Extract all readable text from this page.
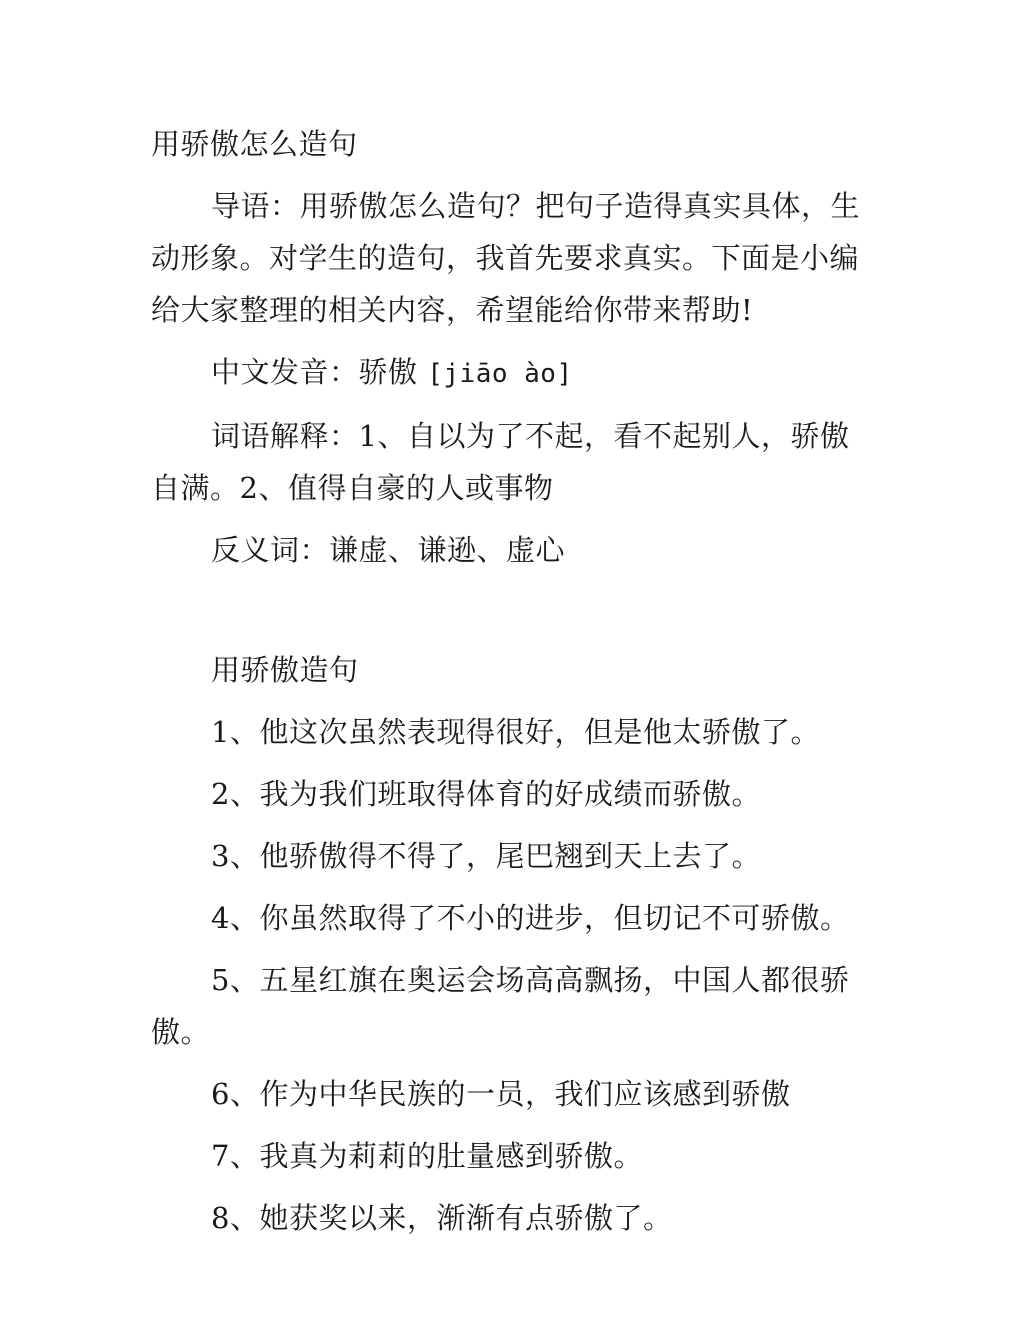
用骄傲怎么造句
导语：用骄傲怎么造句？把句子造得真实具体，生
动形象。对学生的造句，我首先要求真实。下面是小编
给大家整理的相关内容，希望能给你带来帮助!
中文发音：骄傲 [jiāo ào]
词语解释：1、自以为了不起，看不起别人，骄傲
自满。2、值得自豪的人或事物
反义词：谦虚、谦逊、虚心
用骄傲造句
1、他这次虽然表现得很好，但是他太骄傲了。
2、我为我们班取得体育的好成绩而骄傲。
3、他骄傲得不得了，尾巴翘到天上去了。
4、你虽然取得了不小的进步，但切记不可骄傲。
5、五星红旗在奥运会场高高飘扬，中国人都很骄
傲。
6、作为中华民族的一员，我们应该感到骄傲
7、我真为莉莉的肚量感到骄傲。
8、她获奖以来，渐渐有点骄傲了。
